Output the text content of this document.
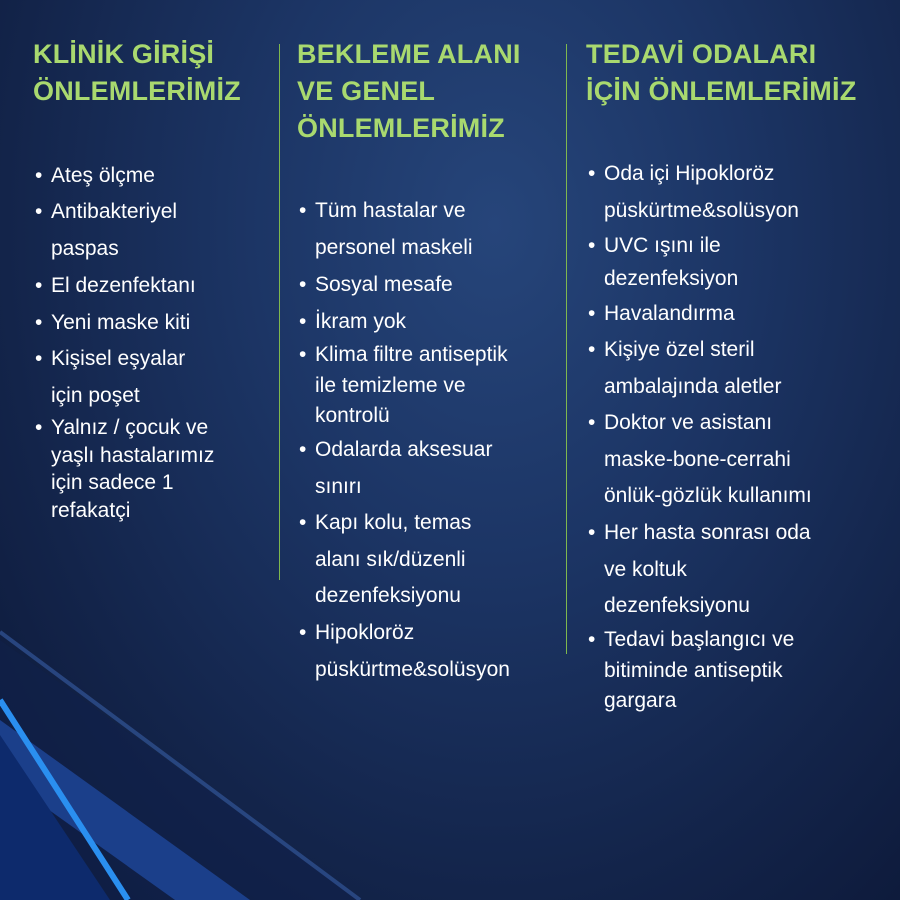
KLİNİK GİRİŞİ
ÖNLEMLERİMİZ
• Ateş ölçme
• Antibakteriyel
paspas
• El dezenfektanı
• Yeni maske kiti
• Kişisel eşyalar
için poşet
• Yalnız / çocuk ve
yaşlı hastalarımız
için sadece 1
refakatçi
BEKLEME ALANI
VE GENEL
ÖNLEMLERİMİZ
• Tüm hastalar ve
personel maskeli
• Sosyal mesafe
• İkram yok
• Klima filtre antiseptik
ile temizleme ve
kontrolü
• Odalarda aksesuar
sınırı
• Kapı kolu, temas
alanı sık/düzenli
dezenfeksiyonu
• Hipokloröz
püskürtme&solüsyon
TEDAVİ ODALARI
İÇİN ÖNLEMLERİMİZ
• Oda içi Hipokloröz
püskürtme&solüsyon
• UVC ışını ile
dezenfeksiyon
• Havalandırma
• Kişiye özel steril
ambalajında aletler
• Doktor ve asistanı
maske-bone-cerrahi
önlük-gözlük kullanımı
• Her hasta sonrası oda
ve koltuk
dezenfeksiyonu
• Tedavi başlangıcı ve
bitiminde antiseptik
gargara
